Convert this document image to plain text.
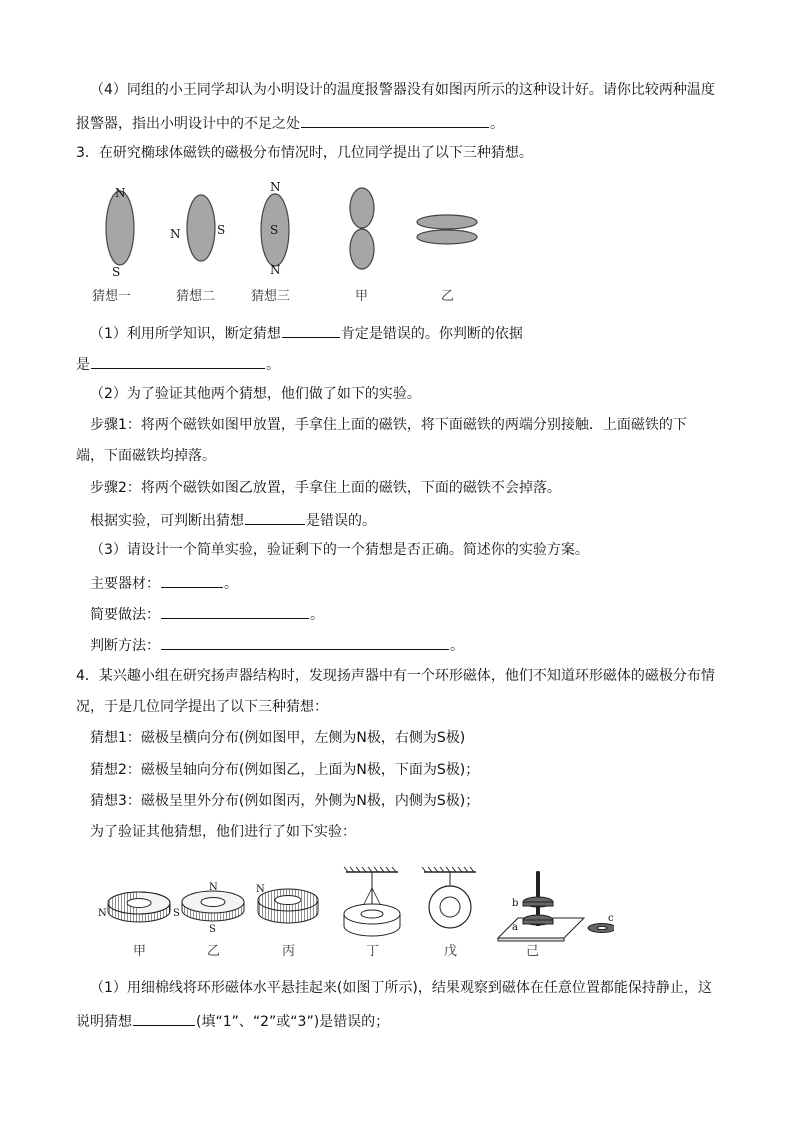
（4）同组的小王同学却认为小明设计的温度报警器没有如图丙所示的这种设计好。请你比较两种温度
报警器，指出小明设计中的不足之处	。
3．在研究椭球体磁铁的磁极分布情况时，几位同学提出了以下三种猜想。
N
S
猜想一
N	S
猜想二
N
S
N
猜想三	甲	乙
（1）利用所学知识，断定猜想	肯定是错误的。你判断的依据
是	。
（2）为了验证其他两个猜想，他们做了如下的实验。
步骤1：将两个磁铁如图甲放置，手拿住上面的磁铁，将下面磁铁的两端分别接触．上面磁铁的下
端，下面磁铁均掉落。
步骤2：将两个磁铁如图乙放置，手拿住上面的磁铁，下面的磁铁不会掉落。
根据实验，可判断出猜想	是错误的。
（3）请设计一个简单实验，验证剩下的一个猜想是否正确。简述你的实验方案。
主要器材：	。
简要做法：	。
判断方法：	。
4．某兴趣小组在研究扬声器结构时，发现扬声器中有一个环形磁体，他们不知道环形磁体的磁极分布情
况，于是几位同学提出了以下三种猜想：
猜想1：磁极呈横向分布(例如图甲，左侧为N极，右侧为S极)
猜想2：磁极呈轴向分布(例如图乙，上面为N极，下面为S极)；
猜想3：磁极呈里外分布(例如图丙，外侧为N极，内侧为S极)；
为了验证其他猜想，他们进行了如下实验：
N	S
甲
N
S
乙
N
丙	丁	戊
b
a
c
己
（1）用细棉线将环形磁体水平悬挂起来(如图丁所示)，结果观察到磁体在任意位置都能保持静止，这
说明猜想	(填“1”、“2”或“3”)是错误的；
